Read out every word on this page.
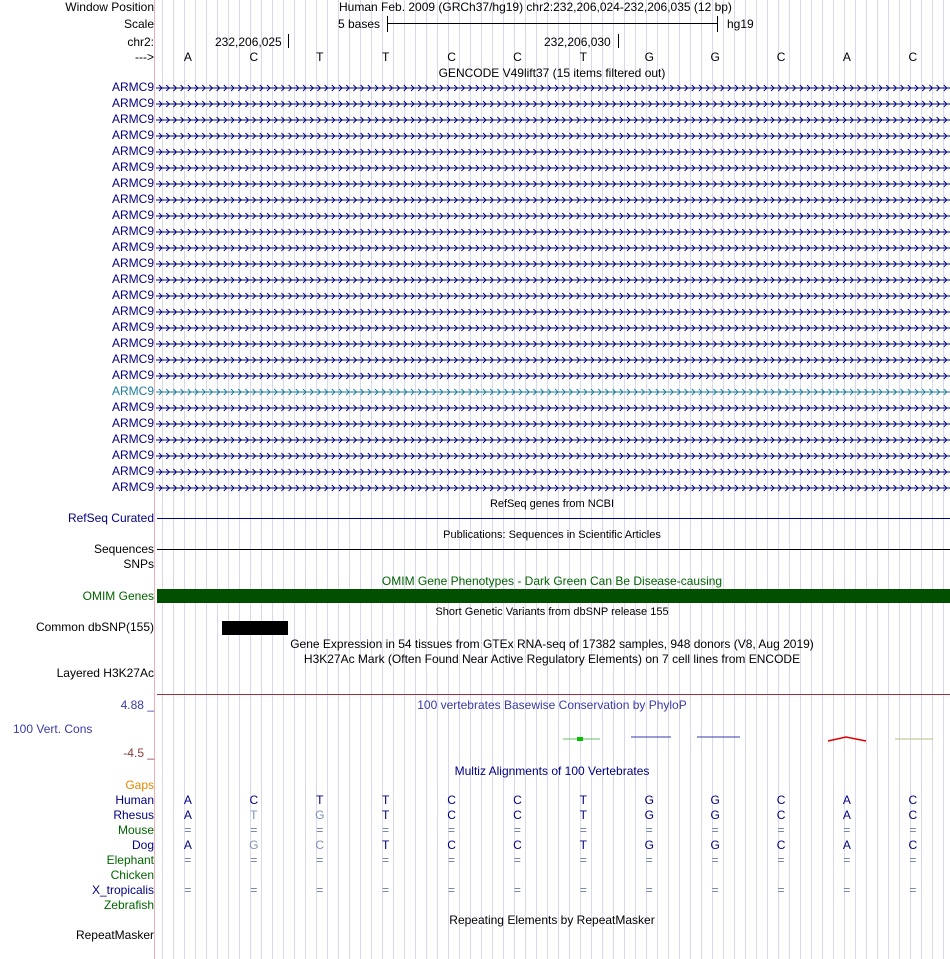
Window Position
Scale
chr2:
--->
Human Feb. 2009 (GRCh37/hg19) chr2:232,206,024-232,206,035 (12 bp)
5 bases	hg19
232,206,025	232,206,030
A	C	T	T	C	C	T	G	G	C	A	C
GENCODE V49lift37 (15 items filtered out)
ARMC9
ARMC9
ARMC9
ARMC9
ARMC9
ARMC9
ARMC9
ARMC9
ARMC9
ARMC9
ARMC9
ARMC9
ARMC9
ARMC9
ARMC9
ARMC9
ARMC9
ARMC9
ARMC9
ARMC9
ARMC9
ARMC9
ARMC9
ARMC9
ARMC9
ARMC9
RefSeq genes from NCBI
RefSeq Curated
Publications: Sequences in Scientific Articles
Sequences
SNPs
OMIM Gene Phenotypes - Dark Green Can Be Disease-causing
OMIM Genes
Short Genetic Variants from dbSNP release 155
Common dbSNP(155)
Gene Expression in 54 tissues from GTEx RNA-seq of 17382 samples, 948 donors (V8, Aug 2019)
H3K27Ac Mark (Often Found Near Active Regulatory Elements) on 7 cell lines from ENCODE
Layered H3K27Ac
100 vertebrates Basewise Conservation by PhyloP
4.88 _
100 Vert. Cons
-4.5 _
Multiz Alignments of 100 Vertebrates
Gaps
Human A	C	T	T	C	C	T	G	G	C	A	C
Rhesus A	T	G	T	C	C	T	G	G	C	A	C
Mouse	=	=	=	=	=	=	=	=	=	=	=	=
Dog A	G	C	T	C	C	T	G	G	C	A	C
Elephant	=	=	=	=	=	=	=	=	=	=	=	=
Chicken
X_tropicalis	=	=	=	=	=	=	=	=	=	=	=	=
Zebrafish
Repeating Elements by RepeatMasker
RepeatMasker
